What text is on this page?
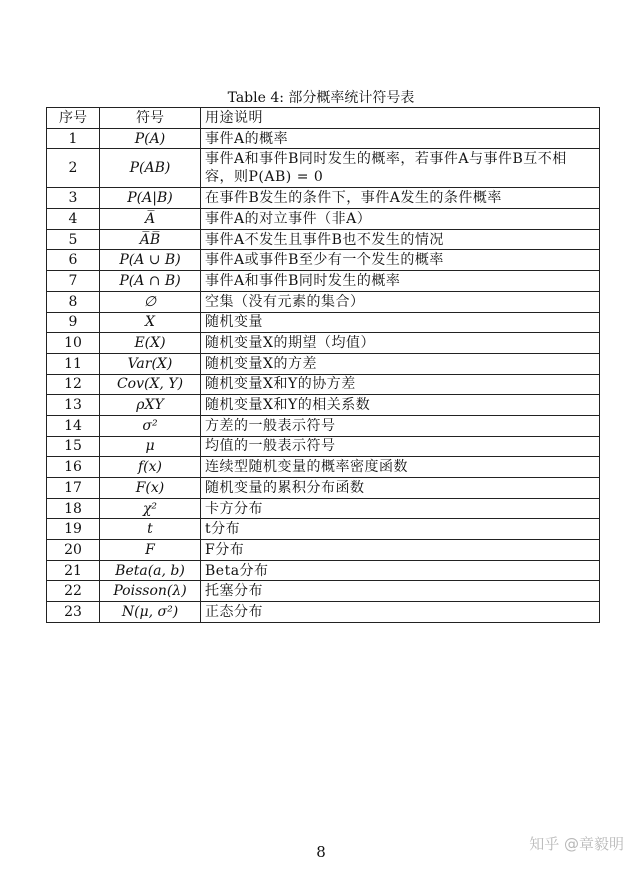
Table 4: 部分概率统计符号表
序号	符号	用途说明
1	P(A)	事件A的概率
2	P(AB)	事件A和事件B同时发生的概率，若事件A与事件B互不相容，则P(AB) = 0
3	P(A|B)	在事件B发生的条件下，事件A发生的条件概率
4	A̅	事件A的对立事件（非A）
5	A̅B̅	事件A不发生且事件B也不发生的情况
6	P(A ∪ B)	事件A或事件B至少有一个发生的概率
7	P(A ∩ B)	事件A和事件B同时发生的概率
8	∅	空集（没有元素的集合）
9	X	随机变量
10	E(X)	随机变量X的期望（均值）
11	Var(X)	随机变量X的方差
12	Cov(X, Y)	随机变量X和Y的协方差
13	ρXY	随机变量X和Y的相关系数
14	σ²	方差的一般表示符号
15	μ	均值的一般表示符号
16	f(x)	连续型随机变量的概率密度函数
17	F(x)	随机变量的累积分布函数
18	χ²	卡方分布
19	t	t分布
20	F	F分布
21	Beta(a, b)	Beta分布
22	Poisson(λ)	托塞分布
23	N(μ, σ²)	正态分布
8	知乎 @章毅明
